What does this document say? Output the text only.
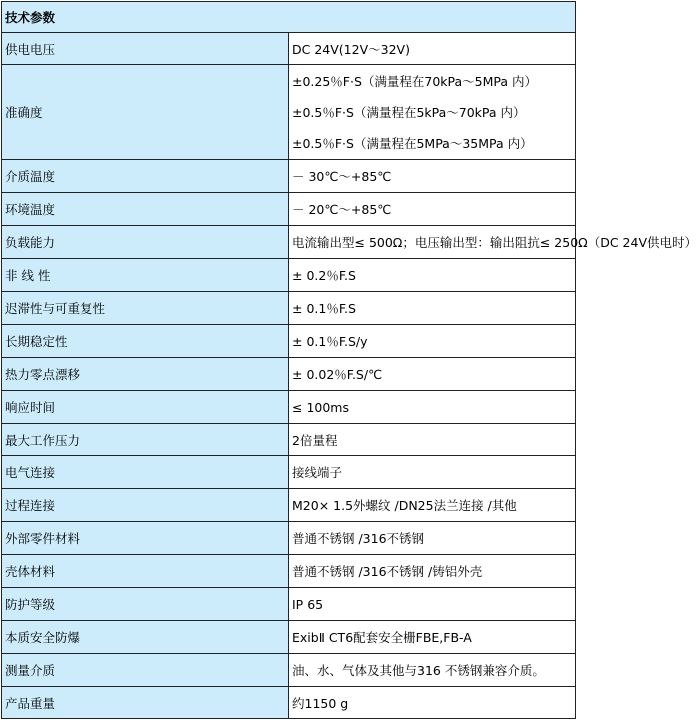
技术参数	
供电电压	DC 24V(12V～32V)
准确度	±0.25％F·S（满量程在70kPa～5MPa 内）
±0.5％F·S（满量程在5kPa～70kPa 内）
±0.5％F·S（满量程在5MPa～35MPa 内）

介质温度	－ 30℃～+85℃
环境温度	－ 20℃～+85℃
负载能力	电流输出型≤ 500Ω；电压输出型：输出阻抗≤ 250Ω（DC 24V供电时）
非 线 性	± 0.2％F.S
迟滞性与可重复性	± 0.1％F.S
长期稳定性	± 0.1％F.S/y
热力零点漂移	± 0.02％F.S/℃
响应时间	≤ 100ms
最大工作压力	2倍量程
电气连接	接线端子
过程连接	M20× 1.5外螺纹 /DN25法兰连接 /其他
外部零件材料	普通不锈钢 /316不锈钢
壳体材料	普通不锈钢 /316不锈钢 /铸铝外壳
防护等级	IP 65
本质安全防爆	ExibⅡ CT6配套安全栅FBE,FB-A
测量介质	油、水、气体及其他与316 不锈钢兼容介质。
产品重量	约1150 g
